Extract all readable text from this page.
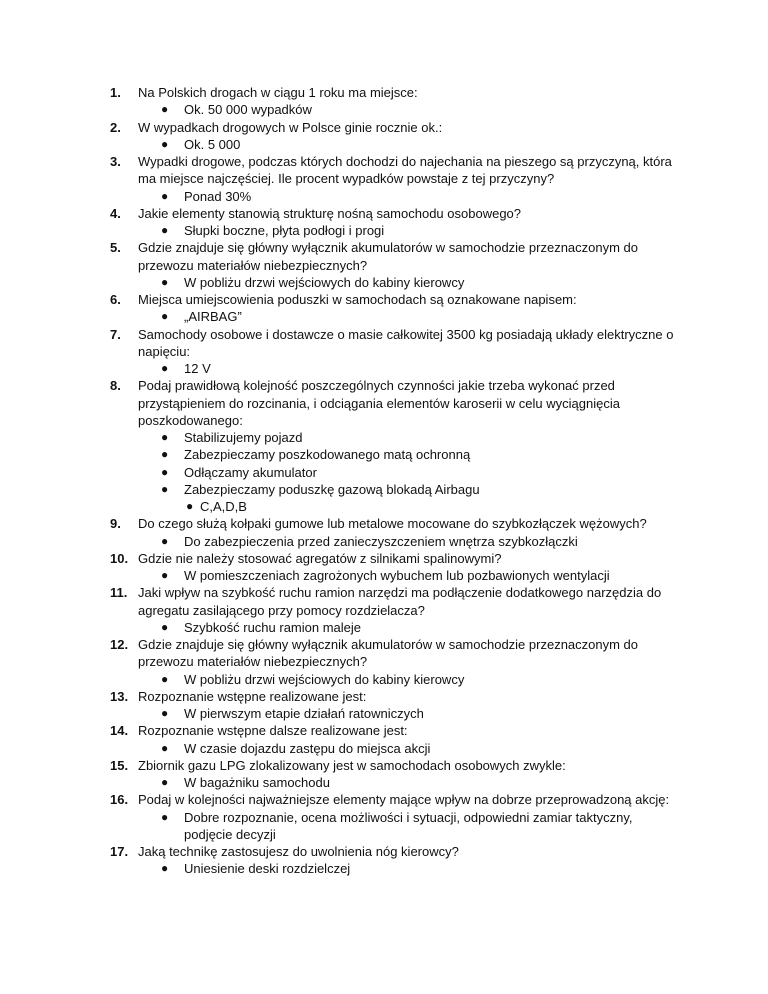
1.	Na Polskich drogach w ciągu 1 roku ma miejsce:
● Ok. 50 000 wypadków
2.	W wypadkach drogowych w Polsce ginie rocznie ok.:
● Ok. 5 000
3.	Wypadki drogowe, podczas których dochodzi do najechania na pieszego są przyczyną, która
ma miejsce najczęściej. Ile procent wypadków powstaje z tej przyczyny?
● Ponad 30%
4.	Jakie elementy stanowią strukturę nośną samochodu osobowego?
● Słupki boczne, płyta podłogi i progi
5.	Gdzie znajduje się główny wyłącznik akumulatorów w samochodzie przeznaczonym do
przewozu materiałów niebezpiecznych?
● W pobliżu drzwi wejściowych do kabiny kierowcy
6.	Miejsca umiejscowienia poduszki w samochodach są oznakowane napisem:
● „AIRBAG”
7.	Samochody osobowe i dostawcze o masie całkowitej 3500 kg posiadają układy elektryczne o
napięciu:
● 12 V
8.	Podaj prawidłową kolejność poszczególnych czynności jakie trzeba wykonać przed
przystąpieniem do rozcinania, i odciągania elementów karoserii w celu wyciągnięcia
poszkodowanego:
● Stabilizujemy pojazd
● Zabezpieczamy poszkodowanego matą ochronną
● Odłączamy akumulator
● Zabezpieczamy poduszkę gazową blokadą Airbagu
● C,A,D,B
9.	Do czego służą kołpaki gumowe lub metalowe mocowane do szybkozłączek wężowych?
● Do zabezpieczenia przed zanieczyszczeniem wnętrza szybkozłączki
10. Gdzie nie należy stosować agregatów z silnikami spalinowymi?
● W pomieszczeniach zagrożonych wybuchem lub pozbawionych wentylacji
11. Jaki wpływ na szybkość ruchu ramion narzędzi ma podłączenie dodatkowego narzędzia do
agregatu zasilającego przy pomocy rozdzielacza?
● Szybkość ruchu ramion maleje
12. Gdzie znajduje się główny wyłącznik akumulatorów w samochodzie przeznaczonym do
przewozu materiałów niebezpiecznych?
● W pobliżu drzwi wejściowych do kabiny kierowcy
13. Rozpoznanie wstępne realizowane jest:
● W pierwszym etapie działań ratowniczych
14. Rozpoznanie wstępne dalsze realizowane jest:
● W czasie dojazdu zastępu do miejsca akcji
15. Zbiornik gazu LPG zlokalizowany jest w samochodach osobowych zwykle:
● W bagażniku samochodu
16. Podaj w kolejności najważniejsze elementy mające wpływ na dobrze przeprowadzoną akcję:
● Dobre rozpoznanie, ocena możliwości i sytuacji, odpowiedni zamiar taktyczny,
podjęcie decyzji
17. Jaką technikę zastosujesz do uwolnienia nóg kierowcy?
● Uniesienie deski rozdzielczej
